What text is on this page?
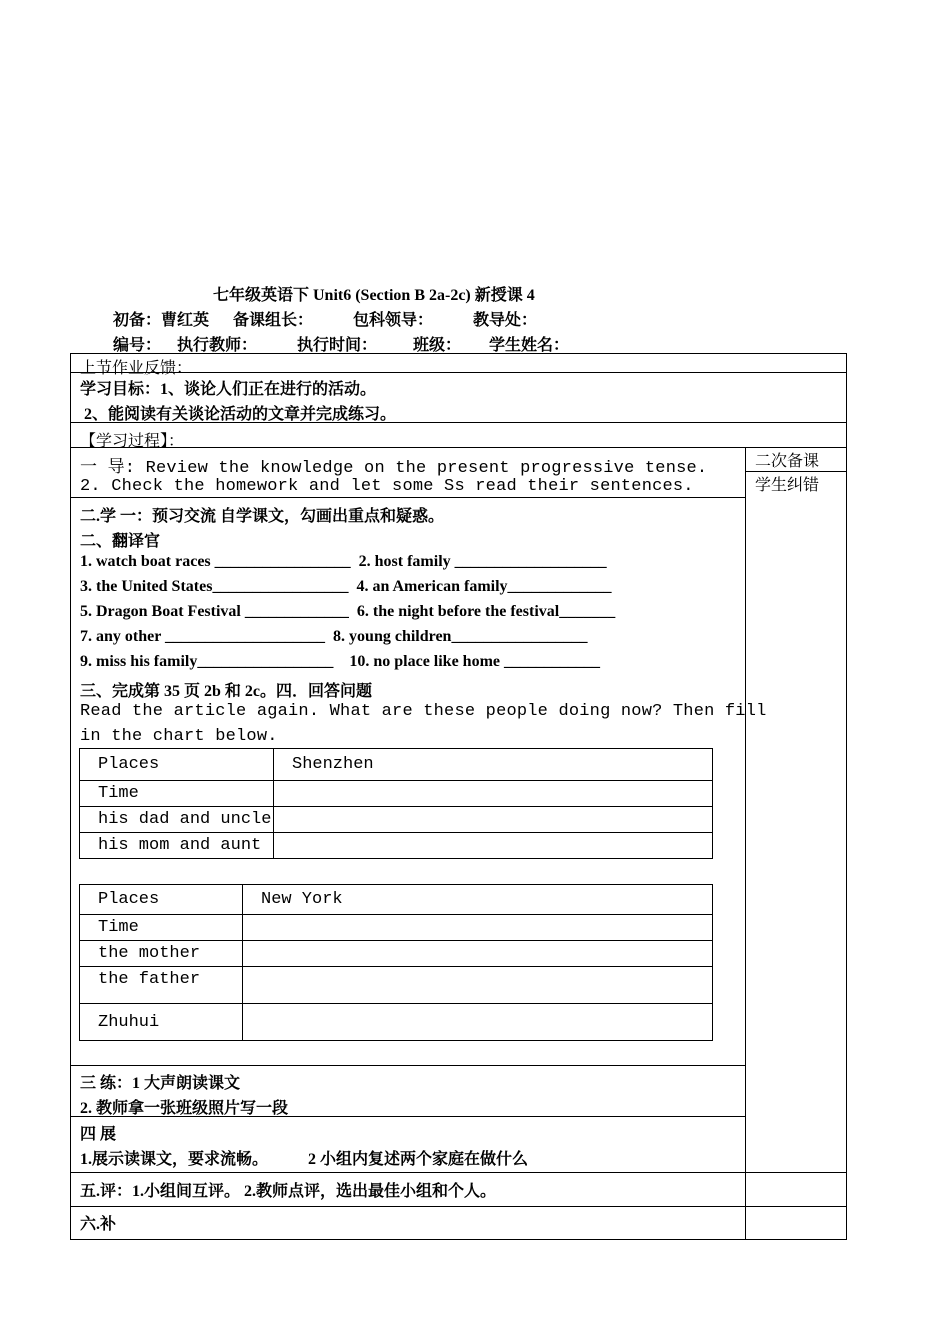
七年级英语下 Unit6 (Section B 2a-2c) 新授课 4
初备：曹红英      备课组长：          包科领导：          教导处：
编号：    执行教师：          执行时间：         班级：       学生姓名：
二次备课
学生纠错
上节作业反馈：
学习目标：1、谈论人们正在进行的活动。
2、能阅读有关谈论活动的文章并完成练习。
【学习过程】：
一 导: Review the knowledge on the present progressive tense.
2. Check the homework and let some Ss read their sentences.
二.学 一：预习交流 自学课文，勾画出重点和疑惑。
二、翻译官
1. watch boat races _________________  2. host family ___________________
3. the United States_________________  4. an American family_____________
5. Dragon Boat Festival _____________  6. the night before the festival_______
7. any other ____________________  8. young children_________________
9. miss his family_________________    10. no place like home ____________
三、完成第 35 页 2b 和 2c。四．回答问题
Read the article again. What are these people doing now? Then fill
in the chart below.
Places	Shenzhen
Time	
his dad and uncle	
his mom and aunt	
Places	New York
Time	
the mother	
the father	
Zhuhui	
三 练：1 大声朗读课文
2. 教师拿一张班级照片写一段
四 展
1.展示读课文，要求流畅。          2 小组内复述两个家庭在做什么
五.评：1.小组间互评。 2.教师点评，选出最佳小组和个人。
六.补
